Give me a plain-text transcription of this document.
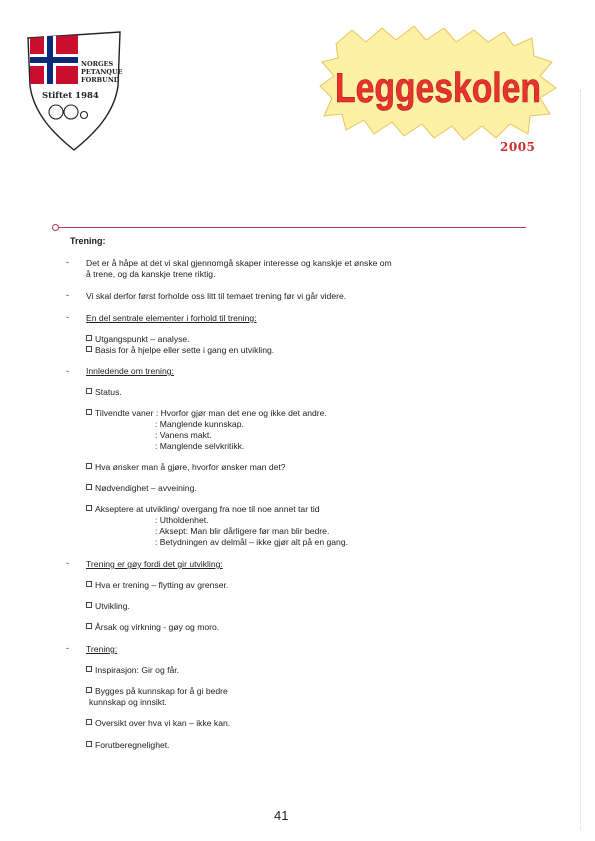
NORGES
PETANQUE
FORBUND
Stiftet 1984	Leggeskolen
2005
Trening:
- Det er å håpe at det vi skal gjennomgå skaper interesse og kanskje et ønske om
å trene, og da kanskje trene riktig.
- Vi skal derfor først forholde oss litt til temaet trening før vi går videre.
- En del sentrale elementer i forhold til trening:
Utgangspunkt – analyse.
Basis for å hjelpe eller sette i gang en utvikling.
- Innledende om trening:
Status.
Tilvendte vaner : Hvorfor gjør man det ene og ikke det andre.
: Manglende kunnskap.
: Vanens makt.
: Manglende selvkritikk.
Hva ønsker man å gjøre, hvorfor ønsker man det?
Nødvendighet – avveining.
Akseptere at utvikling/ overgang fra noe til noe annet tar tid
: Utholdenhet.
: Aksept: Man blir dårligere før man blir bedre.
: Betydningen av delmål – ikke gjør alt på en gang.
- Trening er gøy fordi det gir utvikling:
Hva er trening – flytting av grenser.
Utvikling.
Årsak og virkning - gøy og moro.
- Trening:
Inspirasjon: Gir og får.
Bygges på kunnskap for å gi bedre
kunnskap og innsikt.
Oversikt over hva vi kan – ikke kan.
Forutberegnelighet.
41
